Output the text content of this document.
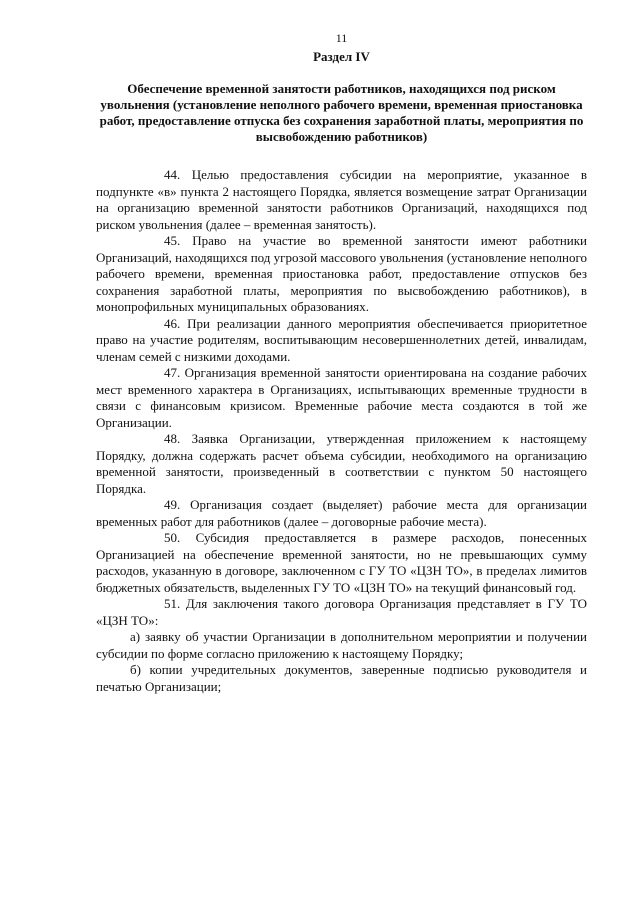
11

Раздел IV

Обеспечение временной занятости работников, находящихся под риском увольнения (установление неполного рабочего времени, временная приостановка работ, предоставление отпуска без сохранения заработной платы, мероприятия по высвобождению работников)

44. Целью предоставления субсидии на мероприятие, указанное в подпункте «в» пункта 2 настоящего Порядка, является возмещение затрат Организации на организацию временной занятости работников Организаций, находящихся под риском увольнения (далее – временная занятость).

45. Право на участие во временной занятости имеют работники Организаций, находящихся под угрозой массового увольнения (установление неполного рабочего времени, временная приостановка работ, предоставление отпусков без сохранения заработной платы, мероприятия по высвобождению работников), в монопрофильных муниципальных образованиях.

46. При реализации данного мероприятия обеспечивается приоритетное право на участие родителям, воспитывающим несовершеннолетних детей, инвалидам, членам семей с низкими доходами.

47. Организация временной занятости ориентирована на создание рабочих мест временного характера в Организациях, испытывающих временные трудности в связи с финансовым кризисом. Временные рабочие места создаются в той же Организации.

48. Заявка Организации, утвержденная приложением к настоящему Порядку, должна содержать расчет объема субсидии, необходимого на организацию временной занятости, произведенный в соответствии с пунктом 50 настоящего Порядка.

49. Организация создает (выделяет) рабочие места для организации временных работ для работников (далее – договорные рабочие места).

50. Субсидия предоставляется в размере расходов, понесенных Организацией на обеспечение временной занятости, но не превышающих сумму расходов, указанную в договоре, заключенном с ГУ ТО «ЦЗН ТО», в пределах лимитов бюджетных обязательств, выделенных ГУ ТО «ЦЗН ТО» на текущий финансовый год.

51. Для заключения такого договора Организация представляет в ГУ ТО «ЦЗН ТО»:

а) заявку об участии Организации в дополнительном мероприятии и получении субсидии по форме согласно приложению к настоящему Порядку;

б) копии учредительных документов, заверенные подписью руководителя и печатью Организации;
